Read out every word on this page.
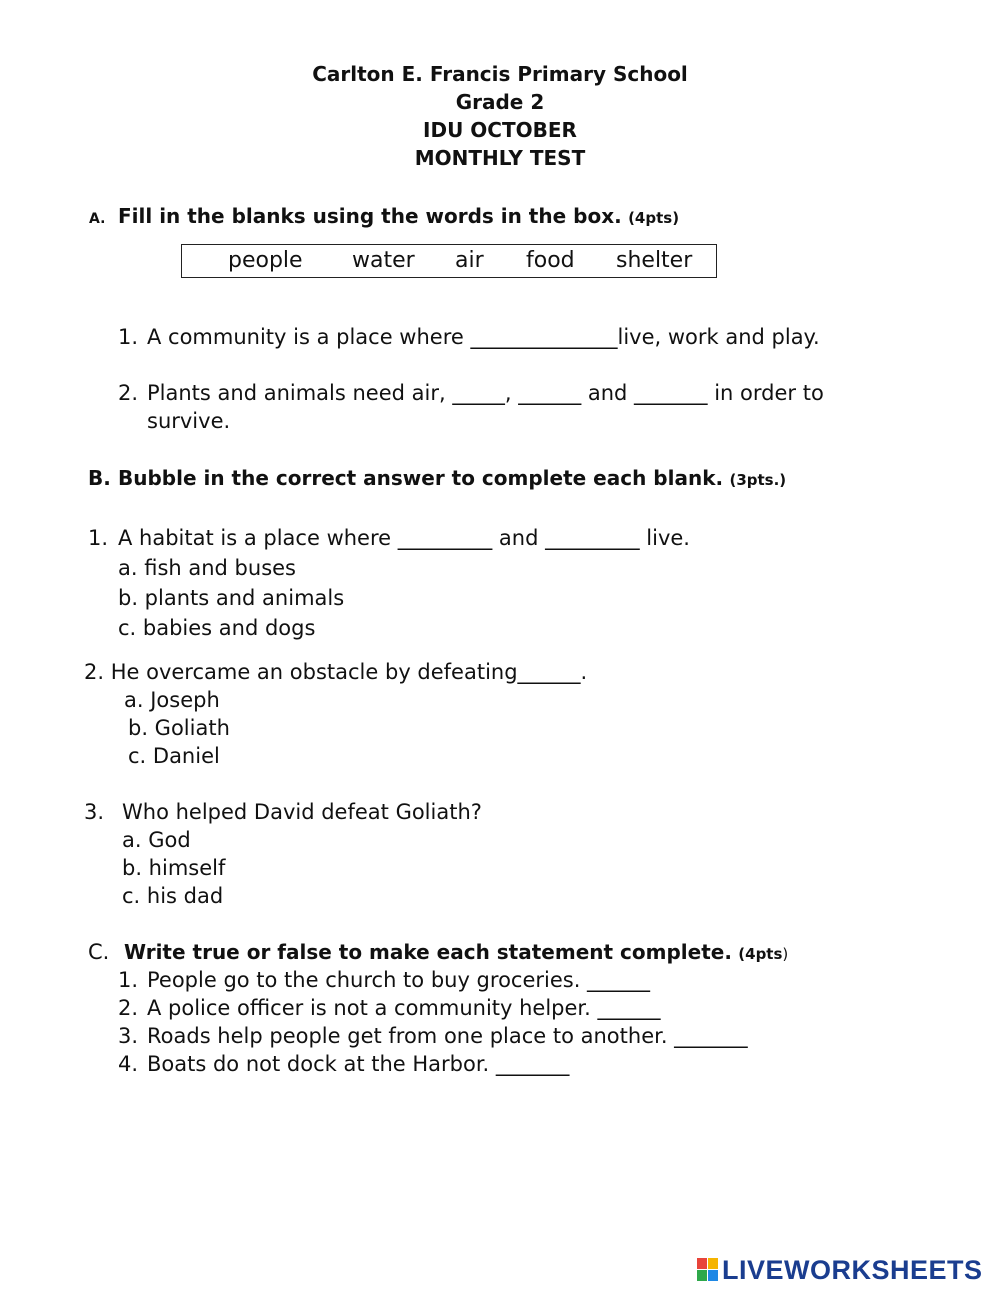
Carlton E. Francis Primary School
Grade 2
IDU OCTOBER
MONTHLY TEST
A. Fill in the blanks using the words in the box. (4pts)
people water air food shelter
1. A community is a place where ______________live, work and play.
2. Plants and animals need air, _____, ______ and _______ in order to
survive.
B. Bubble in the correct answer to complete each blank. (3pts.)
1. A habitat is a place where _________ and _________ live.
a. fish and buses
b. plants and animals
c. babies and dogs
2. He overcame an obstacle by defeating______.
a. Joseph
b. Goliath
c. Daniel
3. Who helped David defeat Goliath?
a. God
b. himself
c. his dad
C. Write true or false to make each statement complete. (4pts)
1. People go to the church to buy groceries. ______
2. A police officer is not a community helper. ______
3. Roads help people get from one place to another. _______
4. Boats do not dock at the Harbor. _______
LIVEWORKSHEETS
